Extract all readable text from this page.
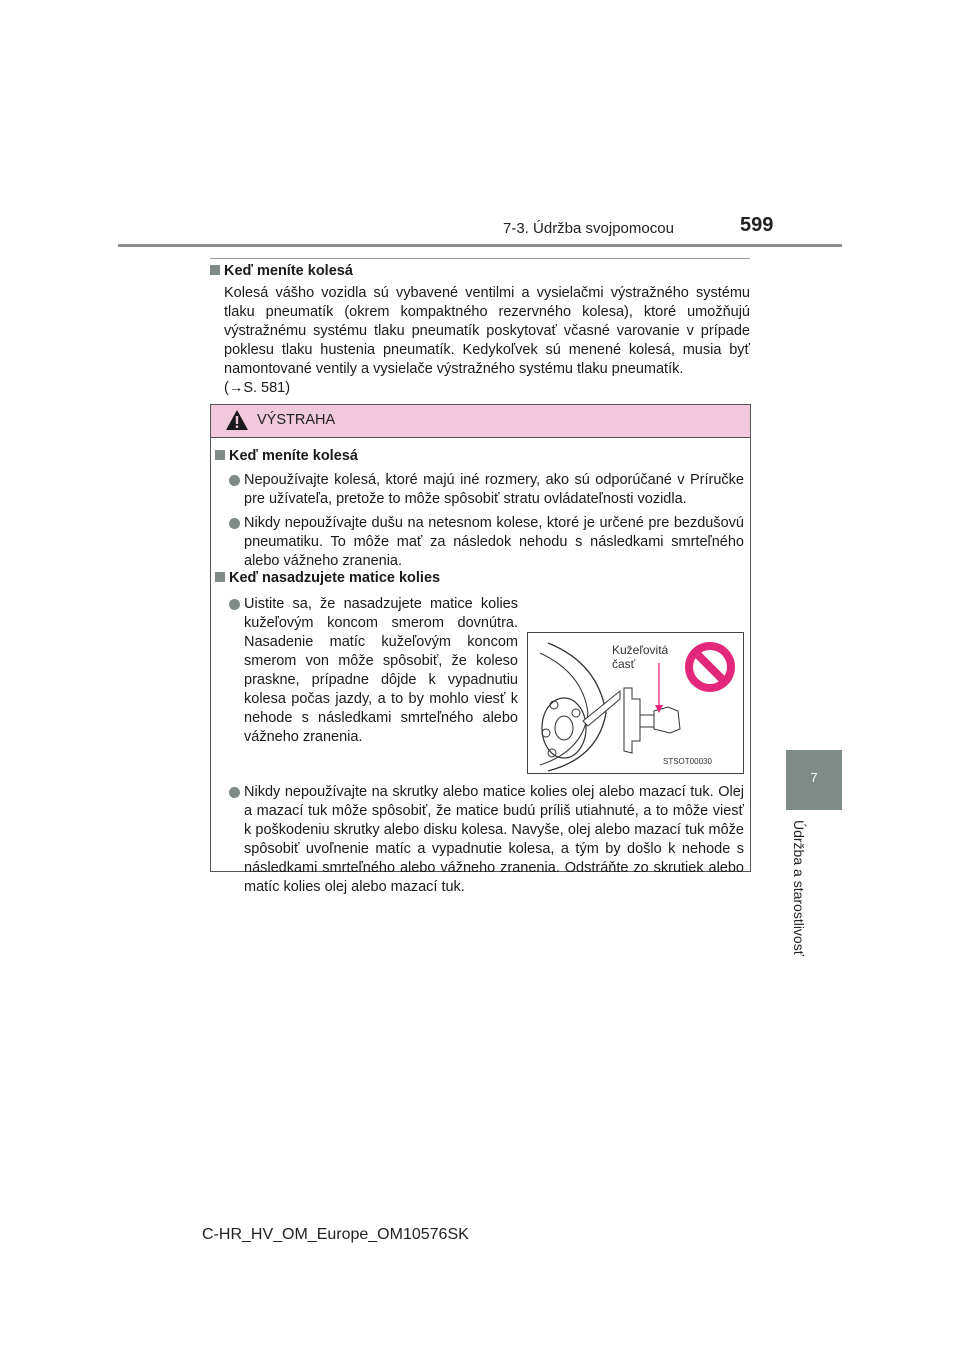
7-3. Údržba svojpomocou	599
7
Údržba a starostlivosť
Keď meníte kolesá
Kolesá vášho vozidla sú vybavené ventilmi a vysielačmi výstražného systému tlaku pneumatík (okrem kompaktného rezervného kolesa), ktoré umožňujú výstražnému systému tlaku pneumatík poskytovať včasné varovanie v prípade poklesu tlaku hustenia pneumatík. Kedykoľvek sú menené kolesá, musia byť namontované ventily a vysielače výstražného systému tlaku pneumatík.
(→S. 581)
VÝSTRAHA
Keď meníte kolesá
Nepoužívajte kolesá, ktoré majú iné rozmery, ako sú odporúčané v Príručke pre užívateľa, pretože to môže spôsobiť stratu ovládateľnosti vozidla.
Nikdy nepoužívajte dušu na netesnom kolese, ktoré je určené pre bezdušovú pneumatiku. To môže mať za následok nehodu s následkami smrteľného alebo vážneho zranenia.
Keď nasadzujete matice kolies
Uistite sa, že nasadzujete matice kolies kužeľovým koncom smerom dovnútra. Nasadenie matíc kužeľovým koncom smerom von môže spôsobiť, že koleso praskne, prípadne dôjde k vypadnutiu kolesa počas jazdy, a to by mohlo viesť k nehode s následkami smrteľného alebo vážneho zranenia.
Kužeľovitá
časť
STSOT00030
Nikdy nepoužívajte na skrutky alebo matice kolies olej alebo mazací tuk. Olej a mazací tuk môže spôsobiť, že matice budú príliš utiahnuté, a to môže viesť k poškodeniu skrutky alebo disku kolesa. Navyše, olej alebo mazací tuk môže spôsobiť uvoľnenie matíc a vypadnutie kolesa, a tým by došlo k nehode s následkami smrteľného alebo vážneho zranenia. Odstráňte zo skrutiek alebo matíc kolies olej alebo mazací tuk.
C-HR_HV_OM_Europe_OM10576SK
